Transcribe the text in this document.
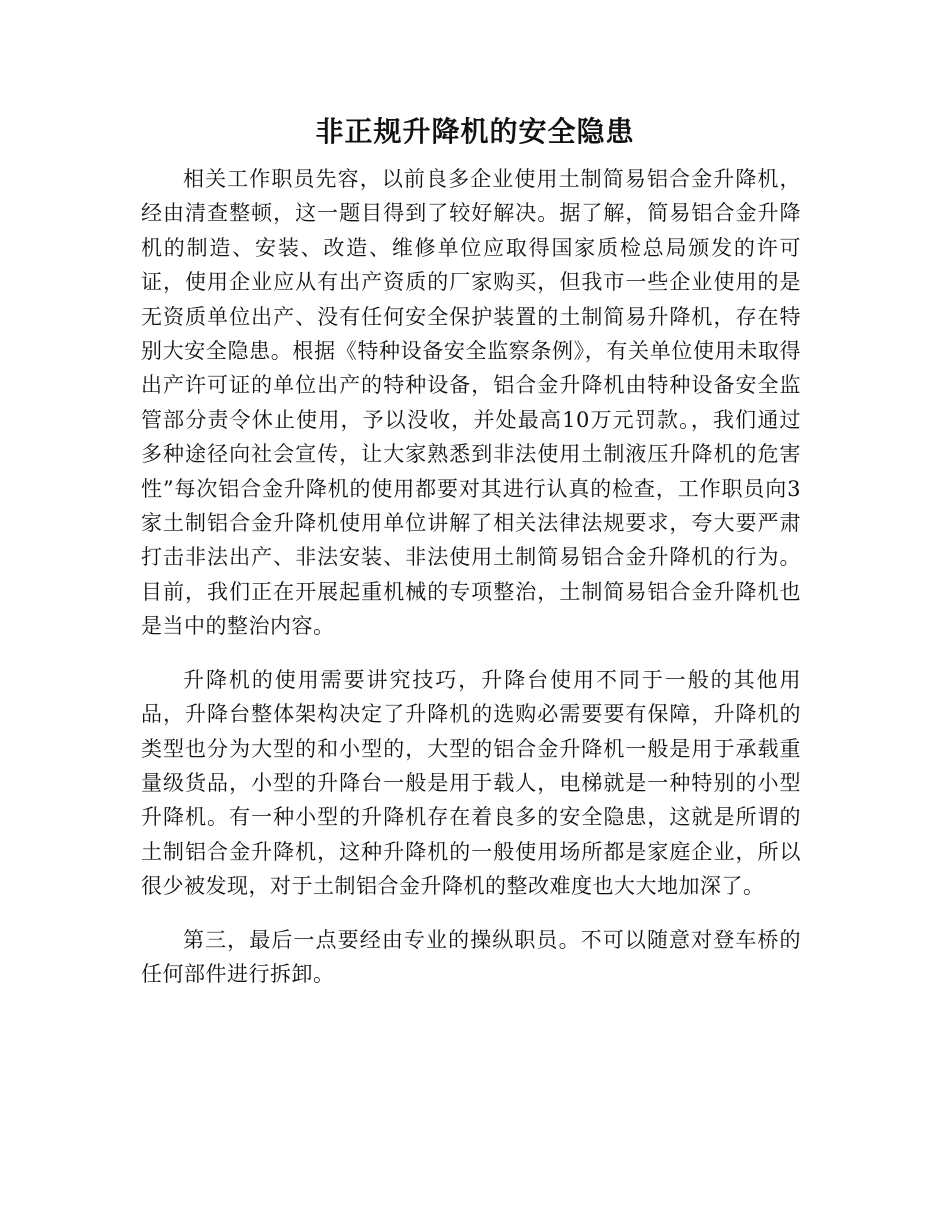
非正规升降机的安全隐患

相关工作职员先容，以前良多企业使用土制简易铝合金升降机，经由清查整顿，这一题目得到了较好解决。据了解，简易铝合金升降机的制造、安装、改造、维修单位应取得国家质检总局颁发的许可证，使用企业应从有出产资质的厂家购买，但我市一些企业使用的是无资质单位出产、没有任何安全保护装置的土制简易升降机，存在特别大安全隐患。根据《特种设备安全监察条例》，有关单位使用未取得出产许可证的单位出产的特种设备，铝合金升降机由特种设备安全监管部分责令休止使用，予以没收，并处最高10万元罚款。，我们通过多种途径向社会宣传，让大家熟悉到非法使用土制液压升降机的危害性”每次铝合金升降机的使用都要对其进行认真的检查，工作职员向3家土制铝合金升降机使用单位讲解了相关法律法规要求，夸大要严肃打击非法出产、非法安装、非法使用土制简易铝合金升降机的行为。目前，我们正在开展起重机械的专项整治，土制简易铝合金升降机也是当中的整治内容。

升降机的使用需要讲究技巧，升降台使用不同于一般的其他用品，升降台整体架构决定了升降机的选购必需要要有保障，升降机的类型也分为大型的和小型的，大型的铝合金升降机一般是用于承载重量级货品，小型的升降台一般是用于载人，电梯就是一种特别的小型升降机。有一种小型的升降机存在着良多的安全隐患，这就是所谓的土制铝合金升降机，这种升降机的一般使用场所都是家庭企业，所以很少被发现，对于土制铝合金升降机的整改难度也大大地加深了。

第三，最后一点要经由专业的操纵职员。不可以随意对登车桥的任何部件进行拆卸。
